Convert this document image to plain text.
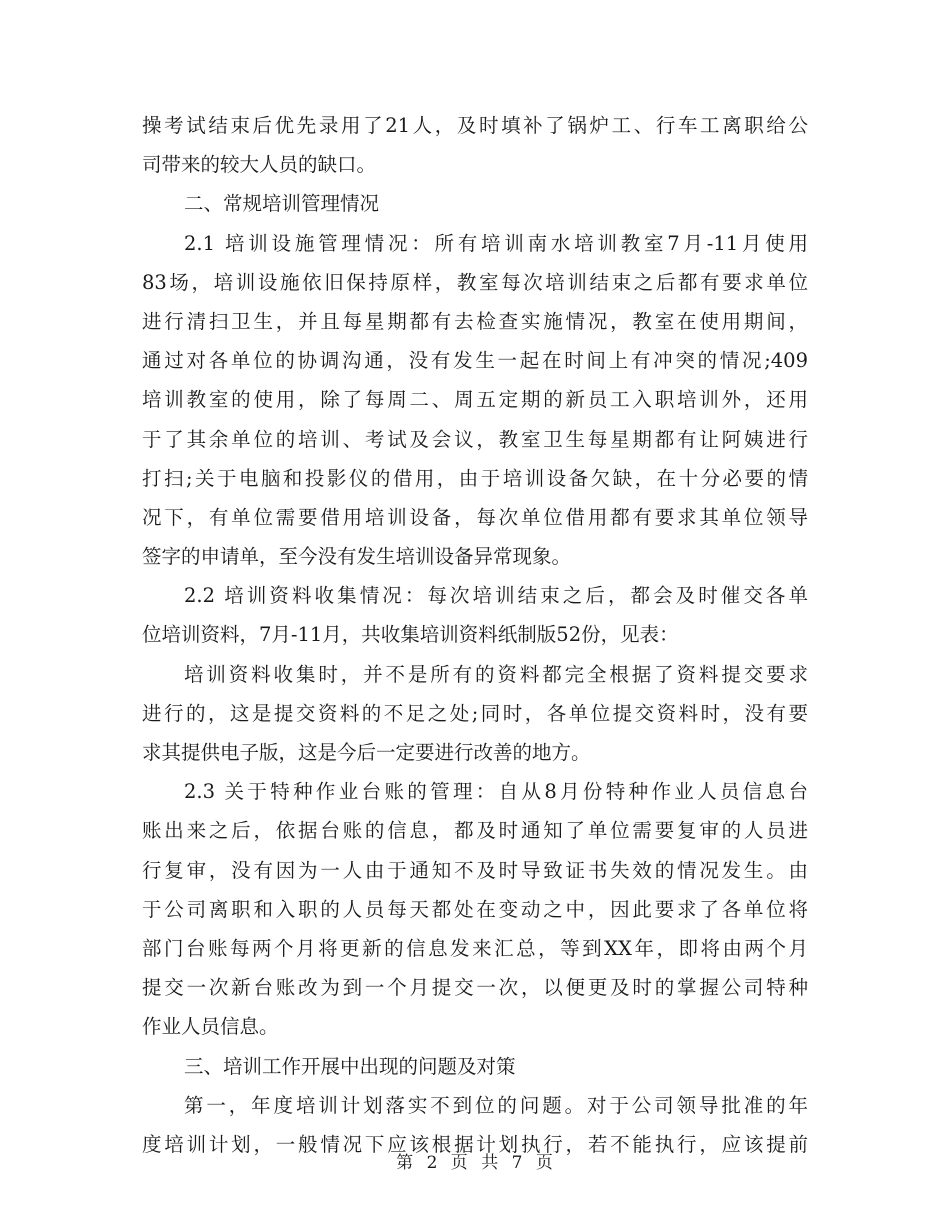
操考试结束后优先录用了21人，及时填补了锅炉工、行车工离职给公
司带来的较大人员的缺口。
二、常规培训管理情况
2.1 培训设施管理情况：所有培训南水培训教室7月-11月使用
83场，培训设施依旧保持原样，教室每次培训结束之后都有要求单位
进行清扫卫生，并且每星期都有去检查实施情况，教室在使用期间，
通过对各单位的协调沟通，没有发生一起在时间上有冲突的情况;409
培训教室的使用，除了每周二、周五定期的新员工入职培训外，还用
于了其余单位的培训、考试及会议，教室卫生每星期都有让阿姨进行
打扫;关于电脑和投影仪的借用，由于培训设备欠缺，在十分必要的情
况下，有单位需要借用培训设备，每次单位借用都有要求其单位领导
签字的申请单，至今没有发生培训设备异常现象。
2.2 培训资料收集情况：每次培训结束之后，都会及时催交各单
位培训资料，7月-11月，共收集培训资料纸制版52份，见表：
培训资料收集时，并不是所有的资料都完全根据了资料提交要求
进行的，这是提交资料的不足之处;同时，各单位提交资料时，没有要
求其提供电子版，这是今后一定要进行改善的地方。
2.3 关于特种作业台账的管理：自从8月份特种作业人员信息台
账出来之后，依据台账的信息，都及时通知了单位需要复审的人员进
行复审，没有因为一人由于通知不及时导致证书失效的情况发生。由
于公司离职和入职的人员每天都处在变动之中，因此要求了各单位将
部门台账每两个月将更新的信息发来汇总，等到XX年，即将由两个月
提交一次新台账改为到一个月提交一次，以便更及时的掌握公司特种
作业人员信息。
三、培训工作开展中出现的问题及对策
第一，年度培训计划落实不到位的问题。对于公司领导批准的年
度培训计划，一般情况下应该根据计划执行，若不能执行，应该提前
第 2 页 共 7 页
